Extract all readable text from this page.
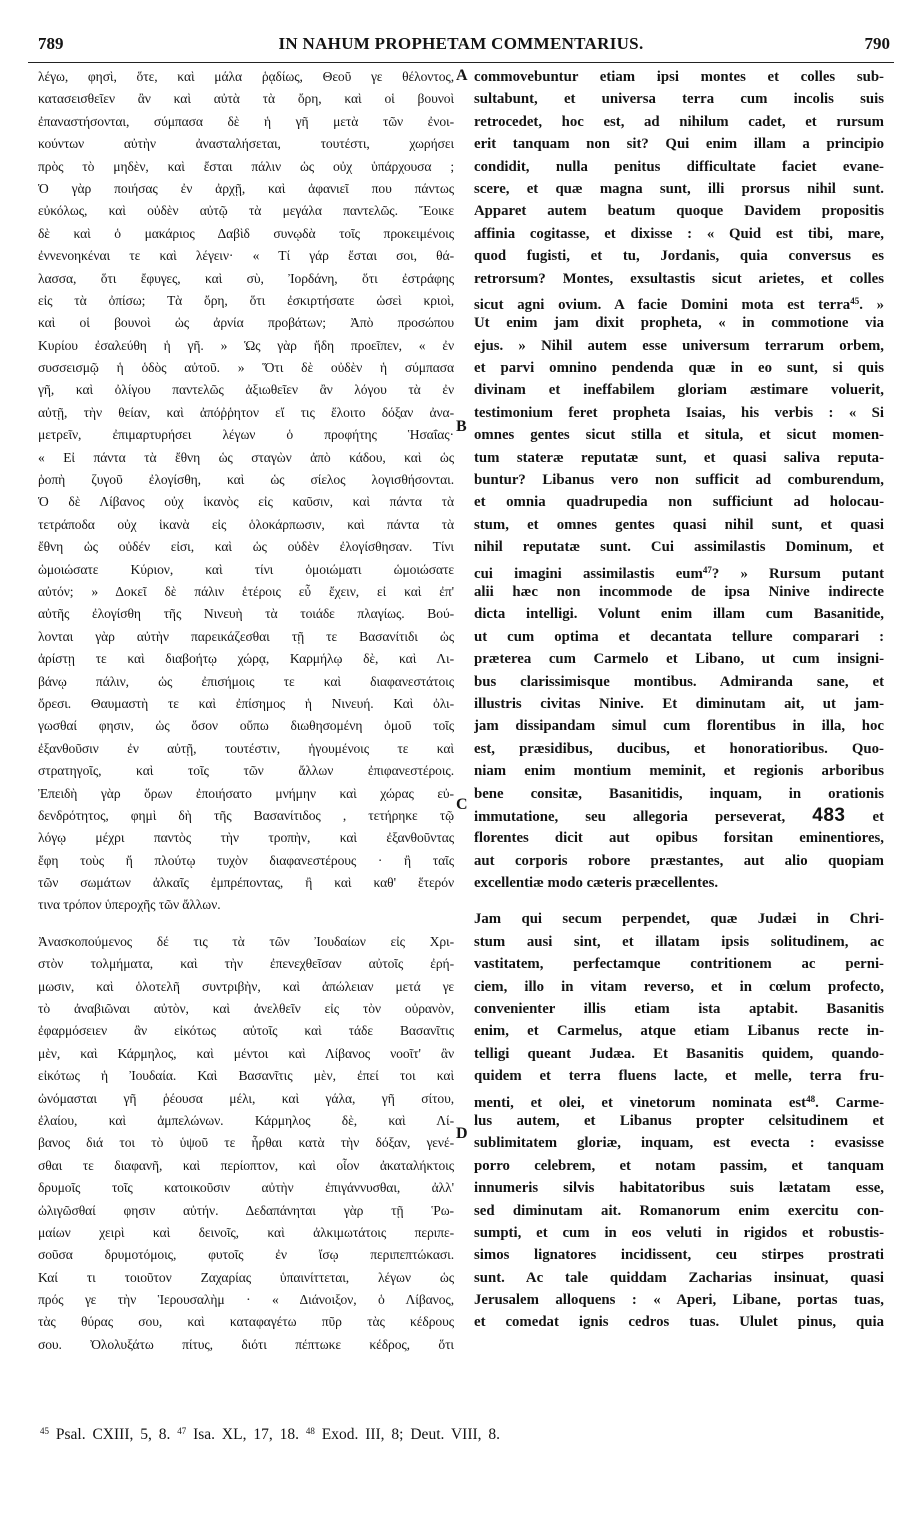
789	IN NAHUM PROPHETAM COMMENTARIUS.	790
λέγω, φησὶ, ὅτε, καὶ μάλα ῥᾳδίως, Θεοῦ γε θέλοντος,
κατασεισθεῖεν ἂν καὶ αὐτὰ τὰ ὄρη, καὶ οἱ βουνοὶ
ἐπαναστήσονται, σύμπασα δὲ ἡ γῆ μετὰ τῶν ἐνοι-
κούντων αὐτὴν ἀνασταλήσεται, τουτέστι, χωρήσει
πρὸς τὸ μηδὲν, καὶ ἔσται πάλιν ὡς οὐχ ὑπάρχουσα ;
Ὁ γὰρ ποιήσας ἐν ἀρχῇ, καὶ ἀφανιεῖ που πάντως
εὐκόλως, καὶ οὐδὲν αὐτῷ τὰ μεγάλα παντελῶς. Ἔοικε
δὲ καὶ ὁ μακάριος Δαβὶδ συνῳδὰ τοῖς προκειμένοις
ἐννενοηκέναι τε καὶ λέγειν· « Τί γάρ ἔσται σοι, θά-
λασσα, ὅτι ἔφυγες, καὶ σὺ, Ἰορδάνη, ὅτι ἐστράφης
εἰς τὰ ὀπίσω; Τὰ ὄρη, ὅτι ἐσκιρτήσατε ὡσεὶ κριοὶ,
καὶ οἱ βουνοὶ ὡς ἀρνία προβάτων; Ἀπὸ προσώπου
Κυρίου ἐσαλεύθη ἡ γῆ. » Ὡς γὰρ ἤδη προεῖπεν, « ἐν
συσσεισμῷ ἡ ὁδὸς αὐτοῦ. » Ὅτι δὲ οὐδὲν ἡ σύμπασα
γῆ, καὶ ὀλίγου παντελῶς ἀξιωθεῖεν ἂν λόγου τὰ ἐν
αὐτῇ, τὴν θείαν, καὶ ἀπόῤῥητον εἴ τις ἔλοιτο δόξαν ἀνα-
μετρεῖν, ἐπιμαρτυρήσει λέγων ὁ προφήτης Ἡσαΐας·
« Εἰ πάντα τὰ ἔθνη ὡς σταγὼν ἀπὸ κάδου, καὶ ὡς
ῥοπὴ ζυγοῦ ἐλογίσθη, καὶ ὡς σίελος λογισθήσονται.
Ὁ δὲ Λίβανος οὐχ ἱκανὸς εἰς καῦσιν, καὶ πάντα τὰ
τετράποδα οὐχ ἱκανὰ εἰς ὁλοκάρπωσιν, καὶ πάντα τὰ
ἔθνη ὡς οὐδέν εἰσι, καὶ ὡς οὐδὲν ἐλογίσθησαν. Τίνι
ὡμοιώσατε Κύριον, καὶ τίνι ὁμοιώματι ὡμοιώσατε
αὐτόν; » Δοκεῖ δὲ πάλιν ἑτέροις εὖ ἔχειν, εἰ καὶ ἐπ'
αὐτῆς ἐλογίσθη τῆς Νινευὴ τὰ τοιάδε πλαγίως. Βού-
λονται γὰρ αὐτὴν παρεικάζεσθαι τῇ τε Βασανίτιδι ὡς
ἀρίστῃ τε καὶ διαβοήτῳ χώρᾳ, Καρμήλῳ δὲ, καὶ Λι-
βάνῳ πάλιν, ὡς ἐπισήμοις τε καὶ διαφανεστάτοις
ὄρεσι. Θαυμαστὴ τε καὶ ἐπίσημος ἡ Νινευή. Καὶ ὀλι-
γωσθαί φησιν, ὡς ὅσον οὔπω διωθησομένη ὁμοῦ τοῖς
ἐξανθοῦσιν ἐν αὐτῇ, τουτέστιν, ἡγουμένοις τε καὶ
στρατηγοῖς, καὶ τοῖς τῶν ἄλλων ἐπιφανεστέροις.
Ἐπειδὴ γὰρ ὅρων ἐποιήσατο μνήμην καὶ χώρας εὐ-
δενδρότητος, φημὶ δὴ τῆς Βασανίτιδος , τετήρηκε τῷ
λόγῳ μέχρι παντὸς τὴν τροπὴν, καὶ ἐξανθοῦντας
ἔφη τοὺς ἤ πλούτῳ τυχὸν διαφανεστέρους · ἢ ταῖς
τῶν σωμάτων ἀλκαῖς ἐμπρέποντας, ἢ καὶ καθ' ἕτερόν
τινα τρόπον ὑπεροχῆς τῶν ἄλλων.
Ἀνασκοπούμενος δέ τις τὰ τῶν Ἰουδαίων εἰς Χρι-
στὸν τολμήματα, καὶ τὴν ἐπενεχθεῖσαν αὐτοῖς ἐρή-
μωσιν, καὶ ὁλοτελῆ συντριβὴν, καὶ ἀπώλειαν μετά γε
τὸ ἀναβιῶναι αὐτὸν, καὶ ἀνελθεῖν εἰς τὸν οὐρανὸν,
ἐφαρμόσειεν ἂν εἰκότως αὐτοῖς καὶ τάδε Βασανῖτις
μὲν, καὶ Κάρμηλος, καὶ μέντοι καὶ Λίβανος νοοῖτ' ἂν
εἰκότως ἡ Ἰουδαία. Καὶ Βασανῖτις μὲν, ἐπεί τοι καὶ
ὠνόμασται γῆ ῥέουσα μέλι, καὶ γάλα, γῆ σίτου,
ἐλαίου, καὶ ἀμπελώνων. Κάρμηλος δὲ, καὶ Λί-
βανος διά τοι τὸ ὑψοῦ τε ἦρθαι κατὰ τὴν δόξαν, γενέ-
σθαι τε διαφανῆ, καὶ περίοπτον, καὶ οἷον ἀκαταλήκτοις
δρυμοῖς τοῖς κατοικοῦσιν αὐτὴν ἐπιγάννυσθαι, ἀλλ'
ὠλιγῶσθαί φησιν αὐτήν. Δεδαπάνηται γὰρ τῇ Ῥω-
μαίων χειρὶ καὶ δεινοῖς, καὶ ἀλκιμωτάτοις περιπε-
σοῦσα δρυμοτόμοις, φυτοῖς ἐν ἴσῳ περιπεπτώκασι.
Καί τι τοιοῦτον Ζαχαρίας ὑπαινίττεται, λέγων ὡς
πρός γε τὴν Ἱερουσαλὴμ · « Διάνοιξον, ὁ Λίβανος,
τὰς θύρας σου, καὶ καταφαγέτω πῦρ τὰς κέδρους
σου. Ὀλολυξάτω πίτυς, διότι πέπτωκε κέδρος, ὅτι
commovebuntur etiam ipsi montes et colles sub-
sultabunt, et universa terra cum incolis suis
retrocedet, hoc est, ad nihilum cadet, et rursum
erit tanquam non sit? Qui enim illam a principio
condidit, nulla penitus difficultate faciet evane-
scere, et quæ magna sunt, illi prorsus nihil sunt.
Apparet autem beatum quoque Davidem propositis
affinia cogitasse, et dixisse : « Quid est tibi, mare,
quod fugisti, et tu, Jordanis, quia conversus es
retrorsum? Montes, exsultastis sicut arietes, et colles
sicut agni ovium. A facie Domini mota est terra$^{45}$. »
Ut enim jam dixit propheta, « in commotione via
ejus. » Nihil autem esse universum terrarum orbem,
et parvi omnino pendenda quæ in eo sunt, si quis
divinam et ineffabilem gloriam æstimare voluerit,
testimonium feret propheta Isaias, his verbis : « Si
omnes gentes sicut stilla et situla, et sicut momen-
tum stateræ reputatæ sunt, et quasi saliva reputa-
buntur? Libanus vero non sufficit ad comburendum,
et omnia quadrupedia non sufficiunt ad holocau-
stum, et omnes gentes quasi nihil sunt, et quasi
nihil reputatæ sunt. Cui assimilastis Dominum, et
cui imagini assimilastis eum$^{47}$? » Rursum putant
alii hæc non incommode de ipsa Ninive indirecte
dicta intelligi. Volunt enim illam cum Basanitide,
ut cum optima et decantata tellure comparari :
præterea cum Carmelo et Libano, ut cum insigni-
bus clarissimisque montibus. Admiranda sane, et
illustris civitas Ninive. Et diminutam ait, ut jam-
jam dissipandam simul cum florentibus in illa, hoc
est, præsidibus, ducibus, et honoratioribus. Quo-
niam enim montium meminit, et regionis arboribus
bene consitæ, Basanitidis, inquam, in orationis
immutatione, seu allegoria perseverat, 483 et
florentes dicit aut opibus forsitan eminentiores,
aut corporis robore præstantes, aut alio quopiam
excellentiæ modo cæteris præcellentes.
Jam qui secum perpendet, quæ Judæi in Chri-
stum ausi sint, et illatam ipsis solitudinem, ac
vastitatem, perfectamque contritionem ac perni-
ciem, illo in vitam reverso, et in cœlum profecto,
convenienter illis etiam ista aptabit. Basanitis
enim, et Carmelus, atque etiam Libanus recte in-
telligi queant Judæa. Et Basanitis quidem, quando-
quidem et terra fluens lacte, et melle, terra fru-
menti, et olei, et vinetorum nominata est$^{48}$. Carme-
lus autem, et Libanus propter celsitudinem et
sublimitatem gloriæ, inquam, est evecta : evasisse
porro celebrem, et notam passim, et tanquam
innumeris silvis habitatoribus suis lætatam esse,
sed diminutam ait. Romanorum enim exercitu con-
sumpti, et cum in eos veluti in rigidos et robustis-
simos lignatores incidissent, ceu stirpes prostrati
sunt. Ac tale quiddam Zacharias insinuat, quasi
Jerusalem alloquens : « Aperi, Libane, portas tuas,
et comedat ignis cedros tuas. Ululet pinus, quia
A
B
C
D
$^{45}$ Psal. CXIII, 5, 8. $^{47}$ Isa. XL, 17, 18. $^{48}$ Exod. III, 8; Deut. VIII, 8.
